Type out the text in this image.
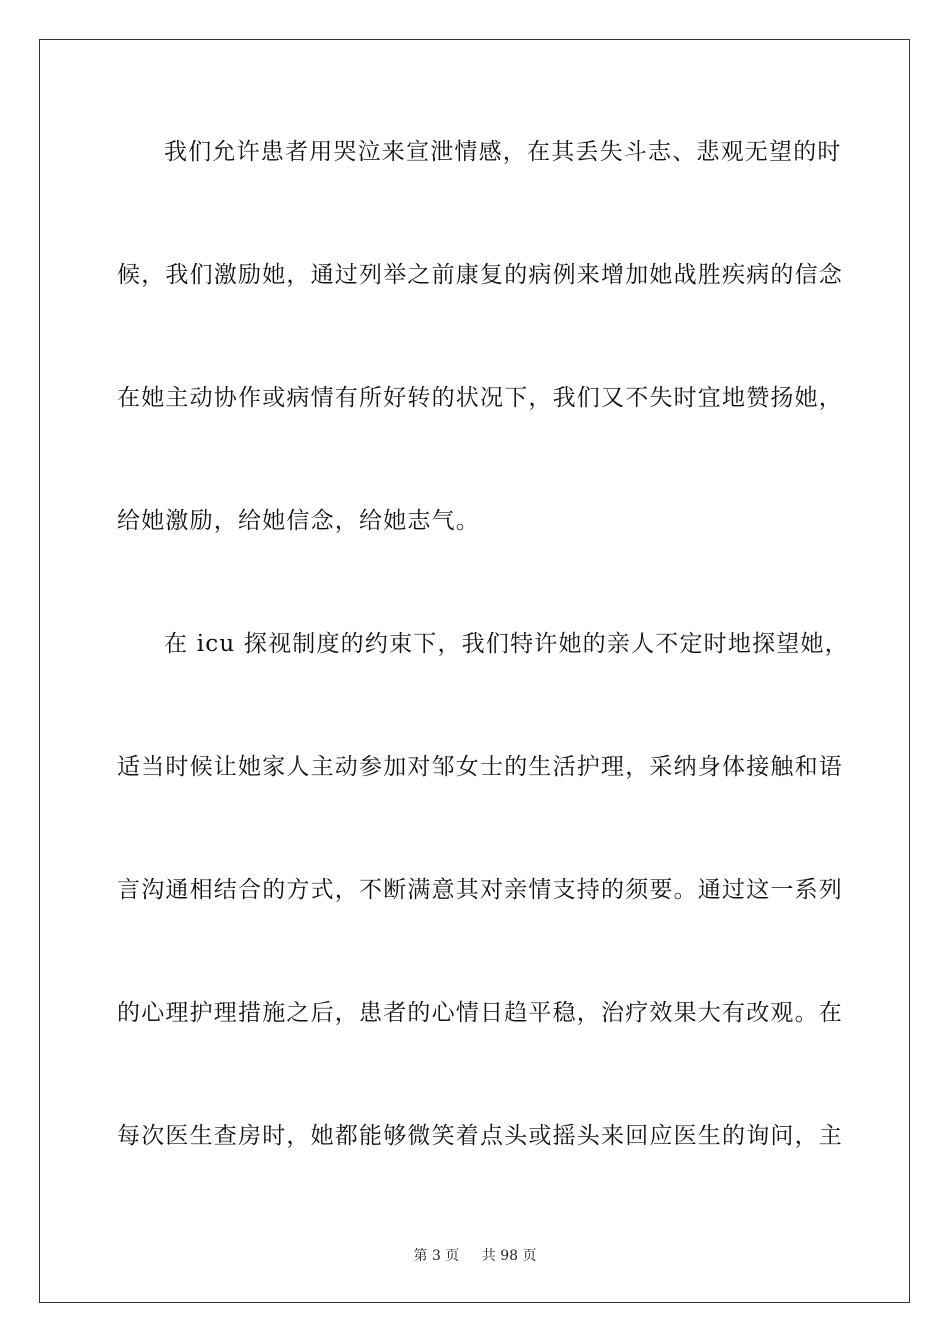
我们允许患者用哭泣来宣泄情感，在其丢失斗志、悲观无望的时
候，我们激励她，通过列举之前康复的病例来增加她战胜疾病的信念
在她主动协作或病情有所好转的状况下，我们又不失时宜地赞扬她，
给她激励，给她信念，给她志气。
在 icu 探视制度的约束下，我们特许她的亲人不定时地探望她，
适当时候让她家人主动参加对邹女士的生活护理，采纳身体接触和语
言沟通相结合的方式，不断满意其对亲情支持的须要。通过这一系列
的心理护理措施之后，患者的心情日趋平稳，治疗效果大有改观。在
每次医生查房时，她都能够微笑着点头或摇头来回应医生的询问，主
第 3 页 共 98 页
